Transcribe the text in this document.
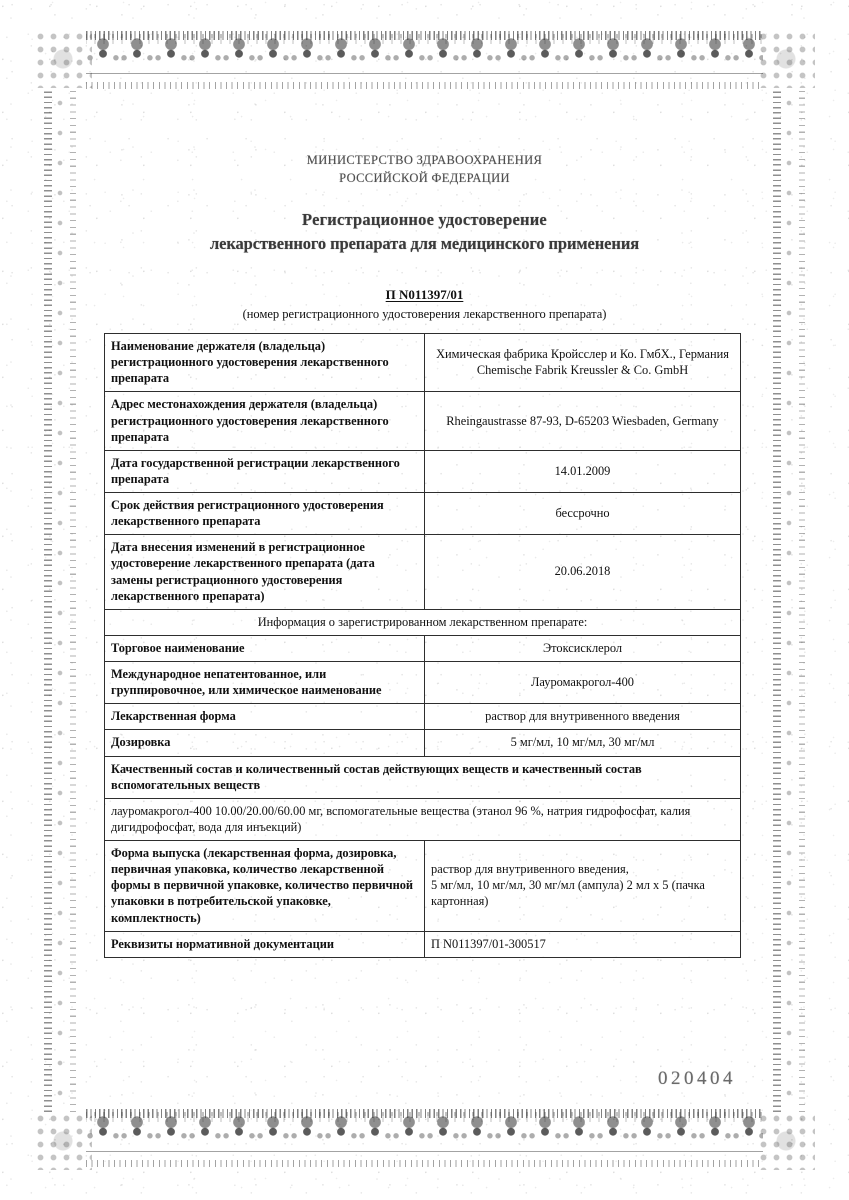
МИНИСТЕРСТВО ЗДРАВООХРАНЕНИЯ
РОССИЙСКОЙ ФЕДЕРАЦИИ
Регистрационное удостоверение
лекарственного препарата для медицинского применения
П N011397/01
(номер регистрационного удостоверения лекарственного препарата)
Наименование держателя (владельца) регистрационного удостоверения лекарственного препарата	Химическая фабрика Кройсслер и Ко. ГмбХ., Германия
Chemische Fabrik Kreussler & Co. GmbH
Адрес местонахождения держателя (владельца) регистрационного удостоверения лекарственного препарата	Rheingaustrasse 87-93, D-65203 Wiesbaden, Germany
Дата государственной регистрации лекарственного препарата	14.01.2009
Срок действия регистрационного удостоверения лекарственного препарата	бессрочно
Дата внесения изменений в регистрационное удостоверение лекарственного препарата (дата замены регистрационного удостоверения лекарственного препарата)	20.06.2018
Информация о зарегистрированном лекарственном препарате:	
Торговое наименование	Этоксисклерол
Международное непатентованное, или группировочное, или химическое наименование	Лауромакрогол-400
Лекарственная форма	раствор для внутривенного введения
Дозировка	5 мг/мл, 10 мг/мл, 30 мг/мл
Качественный состав и количественный состав действующих веществ и качественный состав вспомогательных веществ	
лауромакрогол-400 10.00/20.00/60.00 мг, вспомогательные вещества (этанол 96 %, натрия гидрофосфат, калия дигидрофосфат, вода для инъекций)	
Форма выпуска (лекарственная форма, дозировка, первичная упаковка, количество лекарственной формы в первичной упаковке, количество первичной упаковки в потребительской упаковке, комплектность)	раствор для внутривенного введения,
5 мг/мл, 10 мг/мл, 30 мг/мл (ампула) 2 мл х 5 (пачка картонная)
Реквизиты нормативной документации	П N011397/01-300517
020404
